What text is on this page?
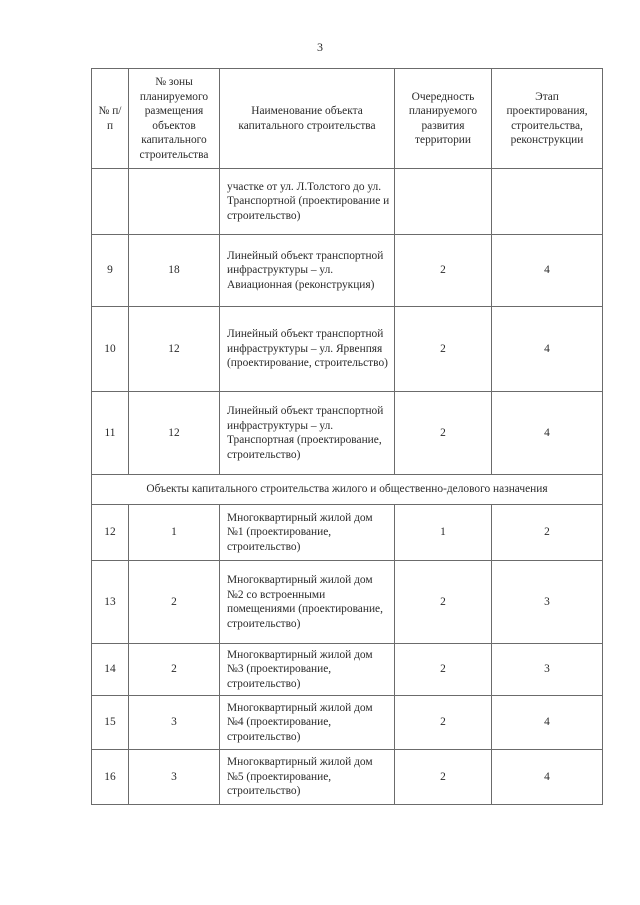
3
№ п/п	№ зоны планируемого размещения объектов капитального строительства	Наименование объекта капитального строительства	Очередность планируемого развития территории	Этап проектирования, строительства, реконструкции
		участке от ул. Л.Толстого до ул. Транспортной (проектирование и строительство)		
9	18	Линейный объект транспортной инфраструктуры – ул. Авиационная (реконструкция)	2	4
10	12	Линейный объект транспортной инфраструктуры – ул. Ярвенпяя (проектирование, строительство)	2	4
11	12	Линейный объект транспортной инфраструктуры – ул. Транспортная (проектирование, строительство)	2	4
Объекты капитального строительства жилого и общественно-делового назначения				
12	1	Многоквартирный жилой дом №1 (проектирование, строительство)	1	2
13	2	Многоквартирный жилой дом №2 со встроенными помещениями (проектирование, строительство)	2	3
14	2	Многоквартирный жилой дом №3 (проектирование, строительство)	2	3
15	3	Многоквартирный жилой дом №4 (проектирование, строительство)	2	4
16	3	Многоквартирный жилой дом №5 (проектирование, строительство)	2	4
